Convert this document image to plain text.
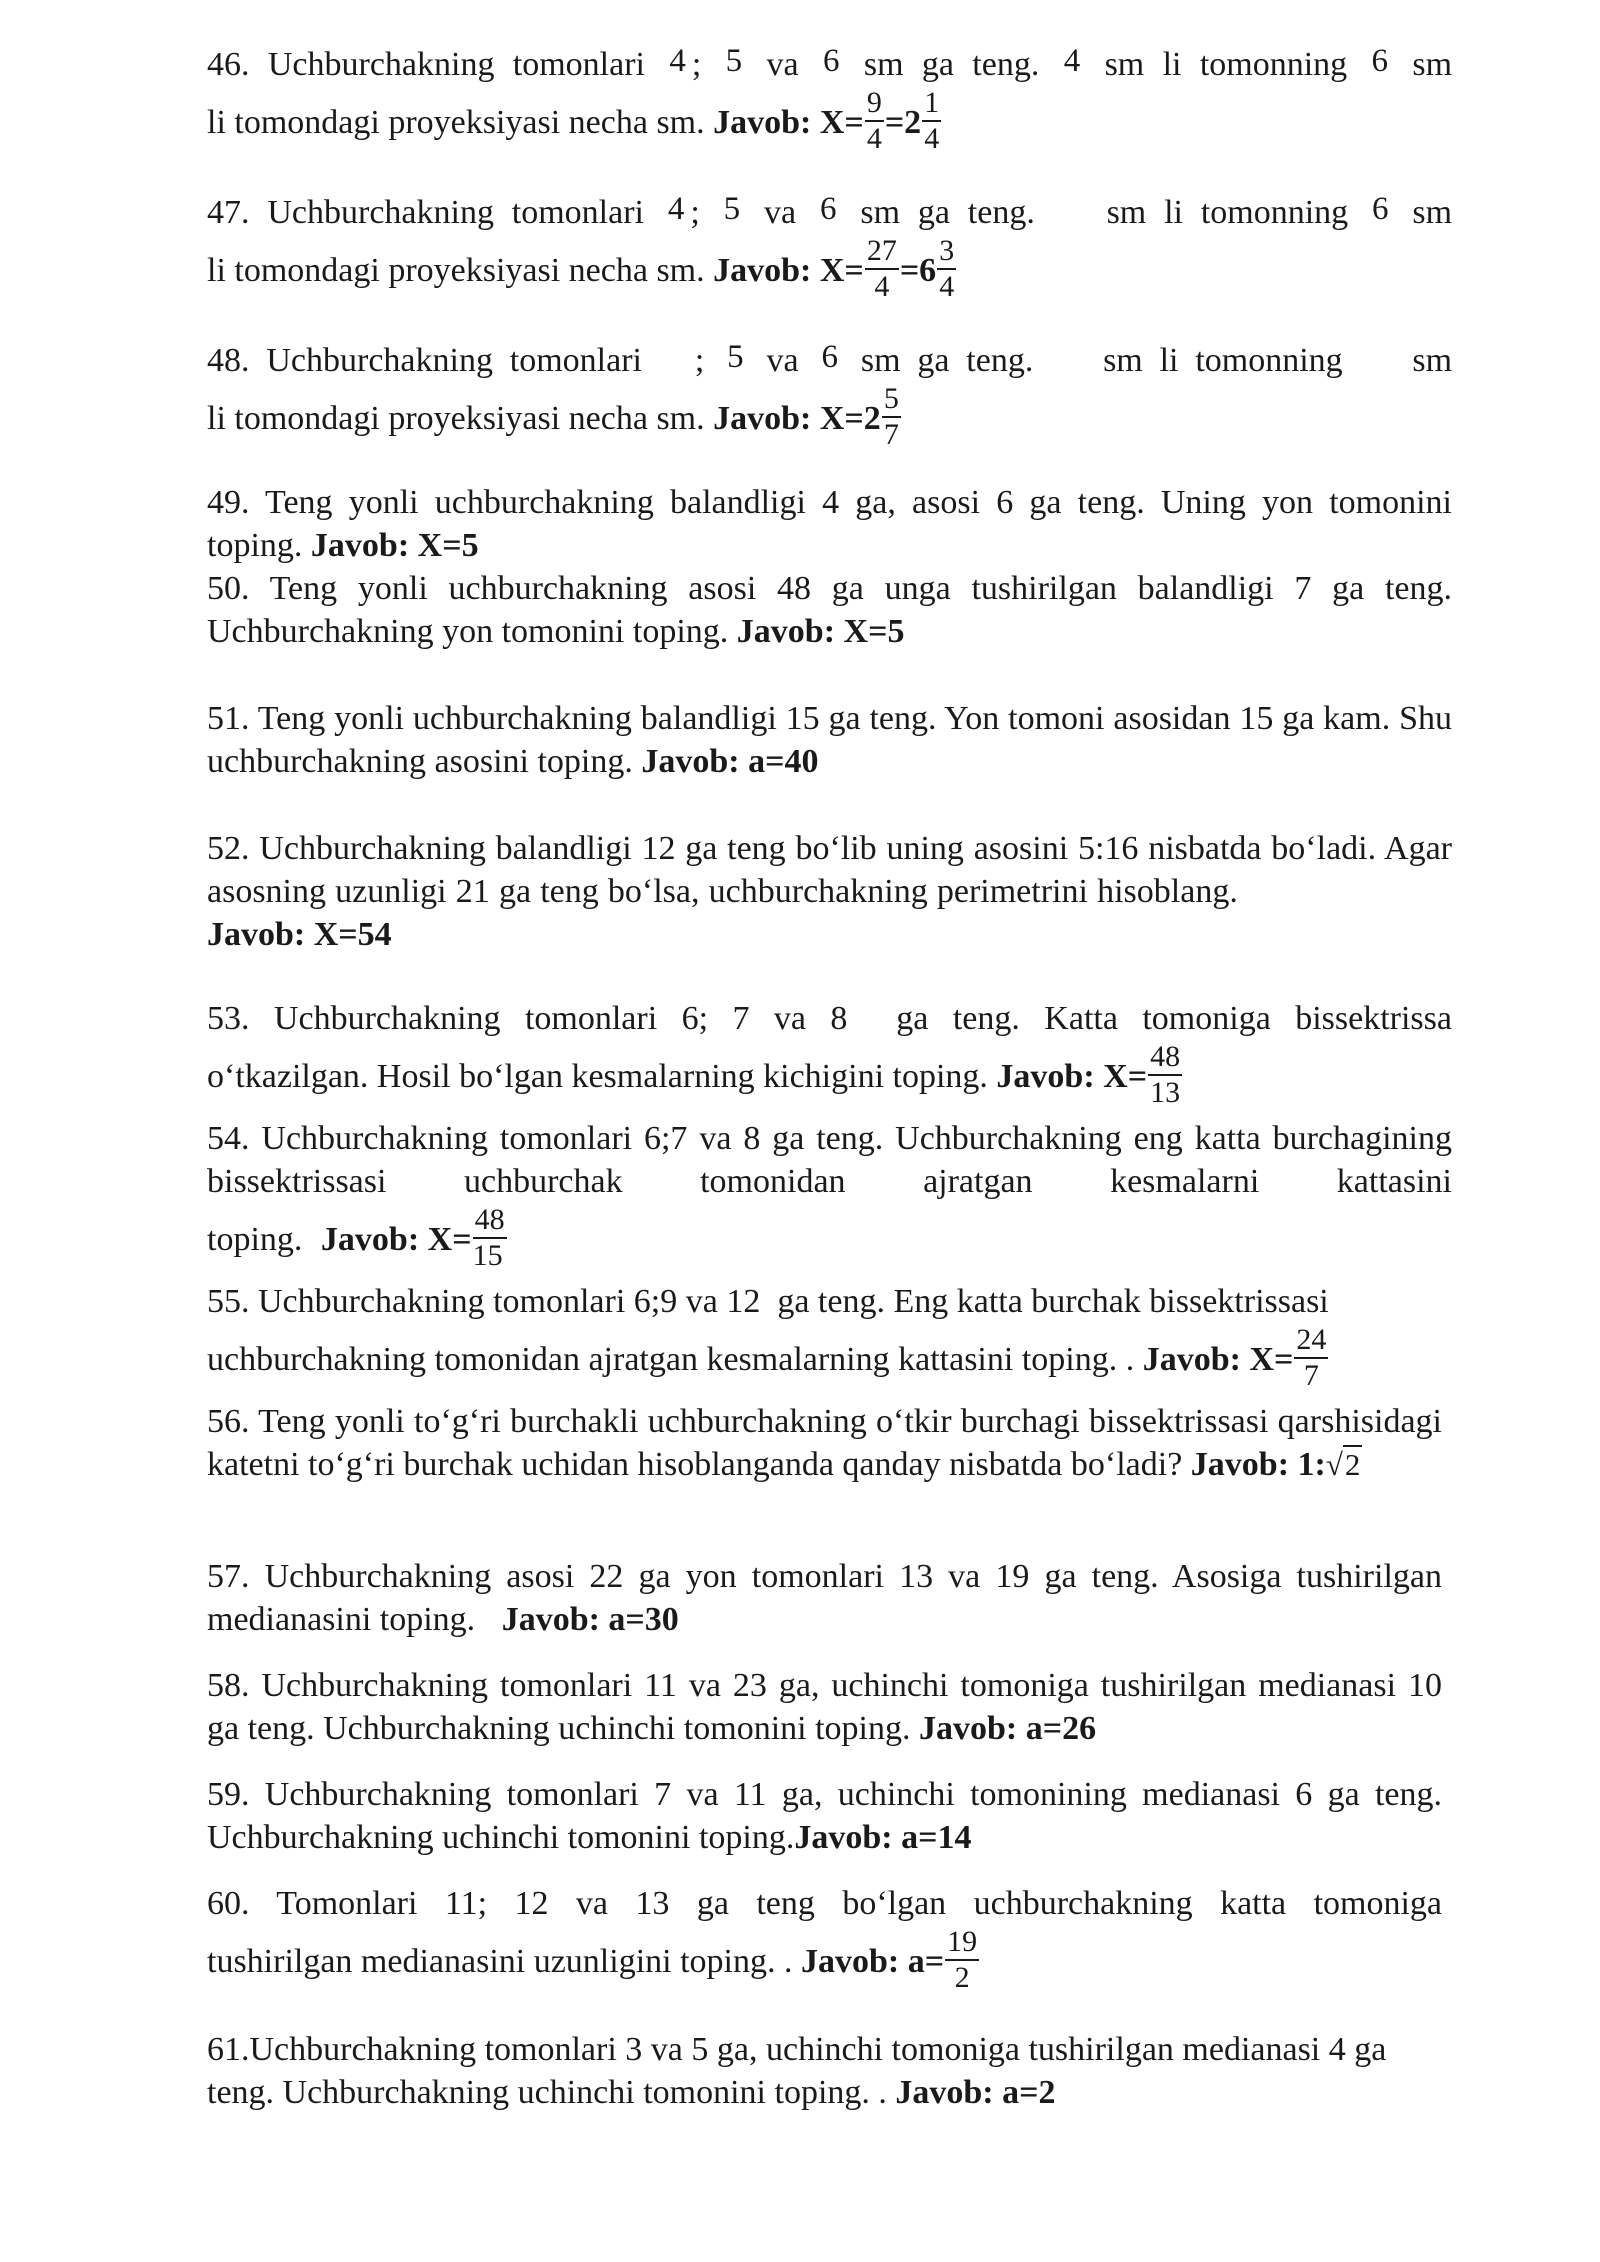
46. Uchburchakning tomonlari 4 ; 5 va 6 sm ga teng. 4 sm li tomonning 6 sm
li tomondagi proyeksiyasi necha sm. Javob: $X= \frac{9}{4} =2 \frac{1}{4}$
47. Uchburchakning tomonlari 4 ; 5 va 6 sm ga teng. sm li tomonning 6 sm
li tomondagi proyeksiyasi necha sm. Javob: $X= \frac{27}{4} =6 \frac{3}{4}$
48. Uchburchakning tomonlari ; 5 va 6 sm ga teng. sm li tomonning sm
li tomondagi proyeksiyasi necha sm. Javob: $X=2 \frac{5}{7}$
49. Teng yonli uchburchakning balandligi 4 ga, asosi 6 ga teng. Uning yon tomonini toping. Javob: X=5
50. Teng yonli uchburchakning asosi 48 ga unga tushirilgan balandligi 7 ga teng. Uchburchakning yon tomonini toping. Javob: X=5
51. Teng yonli uchburchakning balandligi 15 ga teng. Yon tomoni asosidan 15 ga kam. Shu uchburchakning asosini toping. Javob: a=40
52. Uchburchakning balandligi 12 ga teng bo‘lib uning asosini 5:16 nisbatda bo‘ladi. Agar asosning uzunligi 21 ga teng bo‘lsa, uchburchakning perimetrini hisoblang.  Javob: X=54
53. Uchburchakning tomonlari 6; 7 va 8  ga teng. Katta tomoniga bissektrissa
o‘tkazilgan. Hosil bo‘lgan kesmalarning kichigini toping. Javob: $X= \frac{48}{13}$
54. Uchburchakning tomonlari 6;7 va 8 ga teng. Uchburchakning eng katta burchagining bissektrissasi uchburchak tomonidan ajratgan kesmalarni kattasini
toping. Javob: $X= \frac{48}{15}$
55. Uchburchakning tomonlari 6;9 va 12  ga teng. Eng katta burchak bissektrissasi
uchburchakning tomonidan ajratgan kesmalarning kattasini toping. . Javob: $X= \frac{24}{7}$
56. Teng yonli to‘g‘ri burchakli uchburchakning o‘tkir burchagi bissektrissasi qarshisidagi katetni to‘g‘ri burchak uchidan hisoblanganda qanday nisbatda bo‘ladi? Javob: 1:√2
57. Uchburchakning asosi 22 ga yon tomonlari 13 va 19 ga teng. Asosiga tushirilgan medianasini toping. Javob: a=30
58. Uchburchakning tomonlari 11 va 23 ga, uchinchi tomoniga tushirilgan medianasi 10 ga teng. Uchburchakning uchinchi tomonini toping. Javob: a=26
59. Uchburchakning tomonlari 7 va 11 ga, uchinchi tomonining medianasi 6 ga teng. Uchburchakning uchinchi tomonini toping.Javob: a=14
60. Tomonlari 11; 12 va 13 ga teng bo‘lgan uchburchakning katta tomoniga
tushirilgan medianasini uzunligini toping. . Javob: $a= \frac{19}{2}$
61.Uchburchakning tomonlari 3 va 5 ga, uchinchi tomoniga tushirilgan medianasi 4 ga teng. Uchburchakning uchinchi tomonini toping. . Javob: a=2
